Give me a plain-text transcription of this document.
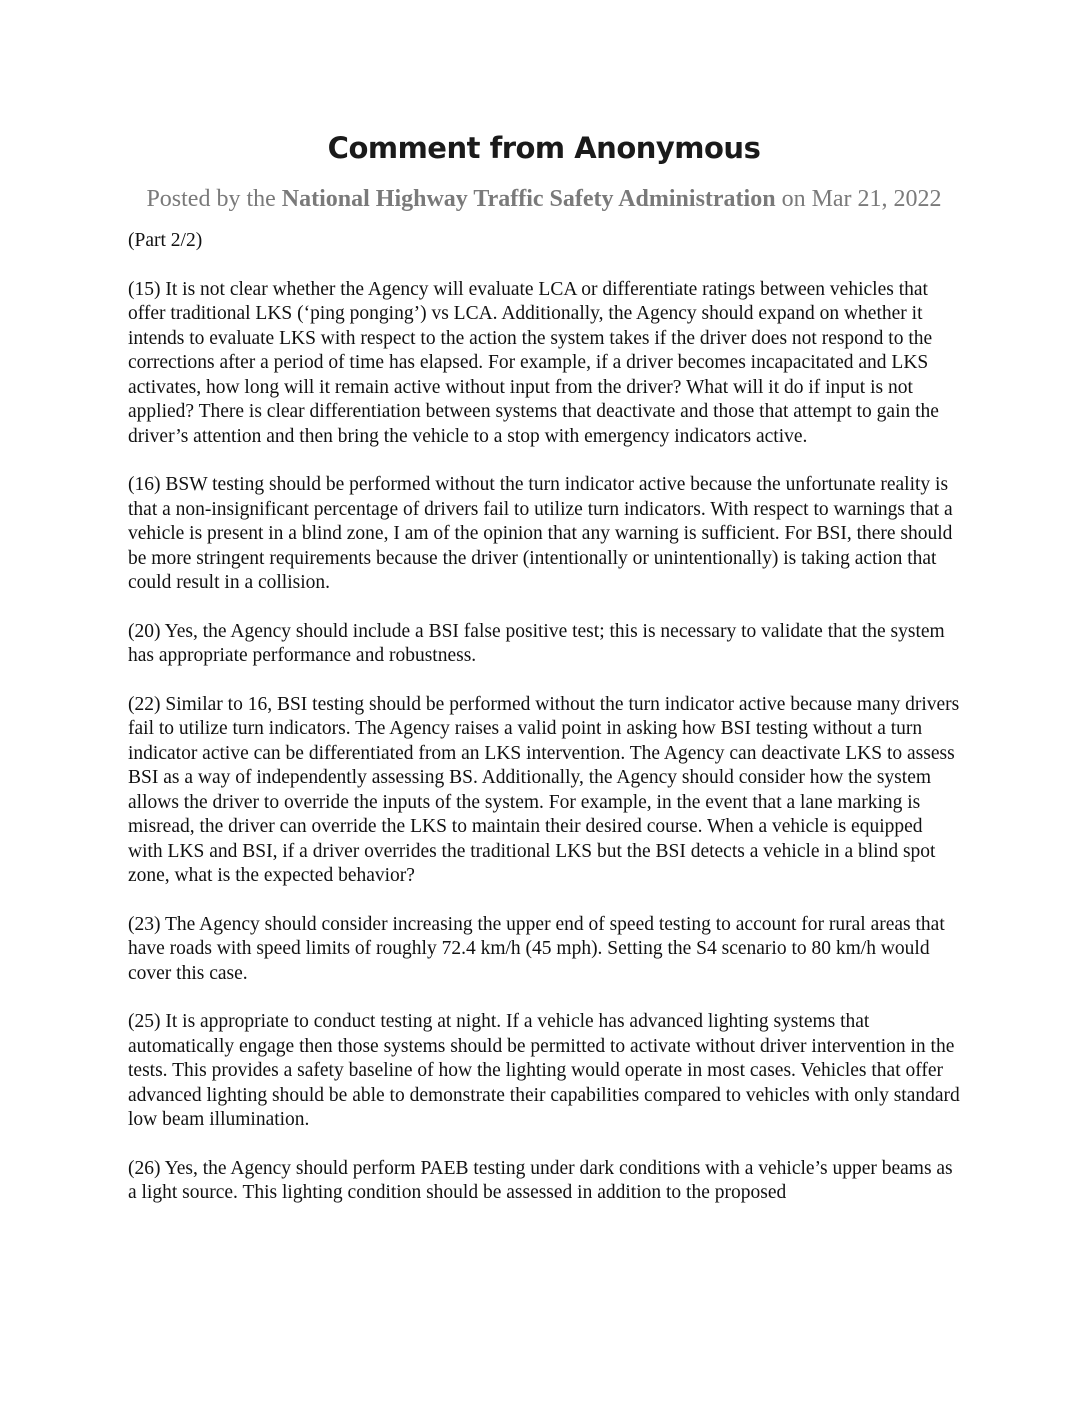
Comment from Anonymous
Posted by the National Highway Traffic Safety Administration on Mar 21, 2022

(Part 2/2)

(15) It is not clear whether the Agency will evaluate LCA or differentiate ratings between vehicles that offer traditional LKS (‘ping ponging’) vs LCA. Additionally, the Agency should expand on whether it intends to evaluate LKS with respect to the action the system takes if the driver does not respond to the corrections after a period of time has elapsed. For example, if a driver becomes incapacitated and LKS activates, how long will it remain active without input from the driver? What will it do if input is not applied? There is clear differentiation between systems that deactivate and those that attempt to gain the driver’s attention and then bring the vehicle to a stop with emergency indicators active.

(16) BSW testing should be performed without the turn indicator active because the unfortunate reality is that a non-insignificant percentage of drivers fail to utilize turn indicators. With respect to warnings that a vehicle is present in a blind zone, I am of the opinion that any warning is sufficient. For BSI, there should be more stringent requirements because the driver (intentionally or unintentionally) is taking action that could result in a collision.

(20) Yes, the Agency should include a BSI false positive test; this is necessary to validate that the system has appropriate performance and robustness.

(22) Similar to 16, BSI testing should be performed without the turn indicator active because many drivers fail to utilize turn indicators. The Agency raises a valid point in asking how BSI testing without a turn indicator active can be differentiated from an LKS intervention. The Agency can deactivate LKS to assess BSI as a way of independently assessing BS. Additionally, the Agency should consider how the system allows the driver to override the inputs of the system. For example, in the event that a lane marking is misread, the driver can override the LKS to maintain their desired course. When a vehicle is equipped with LKS and BSI, if a driver overrides the traditional LKS but the BSI detects a vehicle in a blind spot zone, what is the expected behavior?

(23) The Agency should consider increasing the upper end of speed testing to account for rural areas that have roads with speed limits of roughly 72.4 km/h (45 mph). Setting the S4 scenario to 80 km/h would cover this case.

(25) It is appropriate to conduct testing at night. If a vehicle has advanced lighting systems that automatically engage then those systems should be permitted to activate without driver intervention in the tests. This provides a safety baseline of how the lighting would operate in most cases. Vehicles that offer advanced lighting should be able to demonstrate their capabilities compared to vehicles with only standard low beam illumination.

(26) Yes, the Agency should perform PAEB testing under dark conditions with a vehicle’s upper beams as a light source. This lighting condition should be assessed in addition to the proposed
